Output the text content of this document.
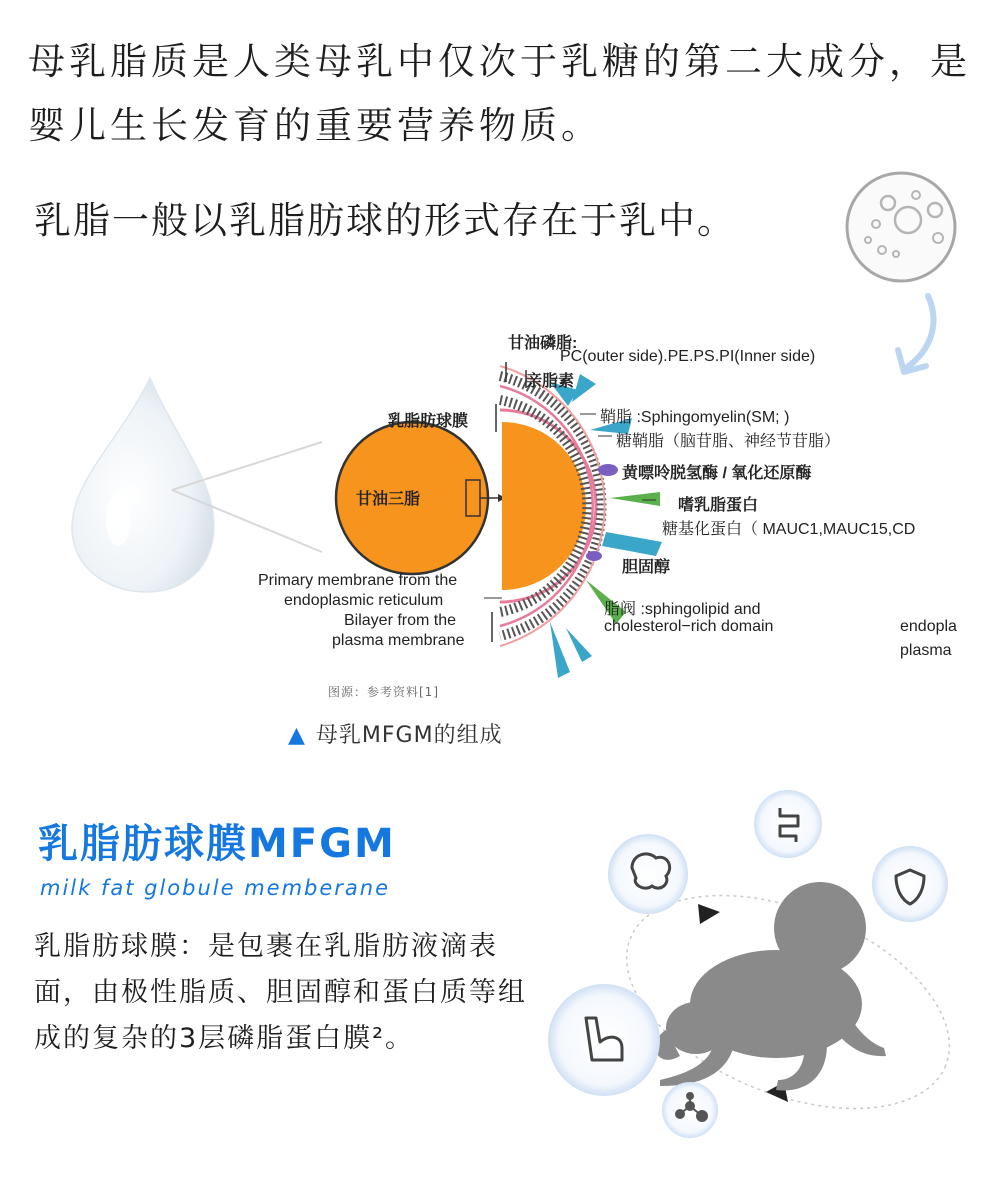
母乳脂质是人类母乳中仅次于乳糖的第二大成分，是婴儿生长发育的重要营养物质。
乳脂一般以乳脂肪球的形式存在于乳中。
甘油三脂
乳脂肪球膜
甘油磷脂:
PC(outer side).PE.PS.PI(Inner side)
亲脂素
鞘脂 :Sphingomyelin(SM; )
糖鞘脂（脑苷脂、神经节苷脂）
黄嘌呤脱氢酶 / 氧化还原酶
嗜乳脂蛋白
糖基化蛋白（ MAUC1,MAUC15,CD
胆固醇
脂阀 :sphingolipid and
cholesterol−rich domain
Primary membrane from the
endoplasmic reticulum
Bilayer from the
plasma membrane
endopla
plasma
图源：参考资料[1]
▲ 母乳MFGM的组成
乳脂肪球膜MFGM
milk fat globule memberane
乳脂肪球膜：是包裹在乳脂肪液滴表面，由极性脂质、胆固醇和蛋白质等组成的复杂的3层磷脂蛋白膜²。
